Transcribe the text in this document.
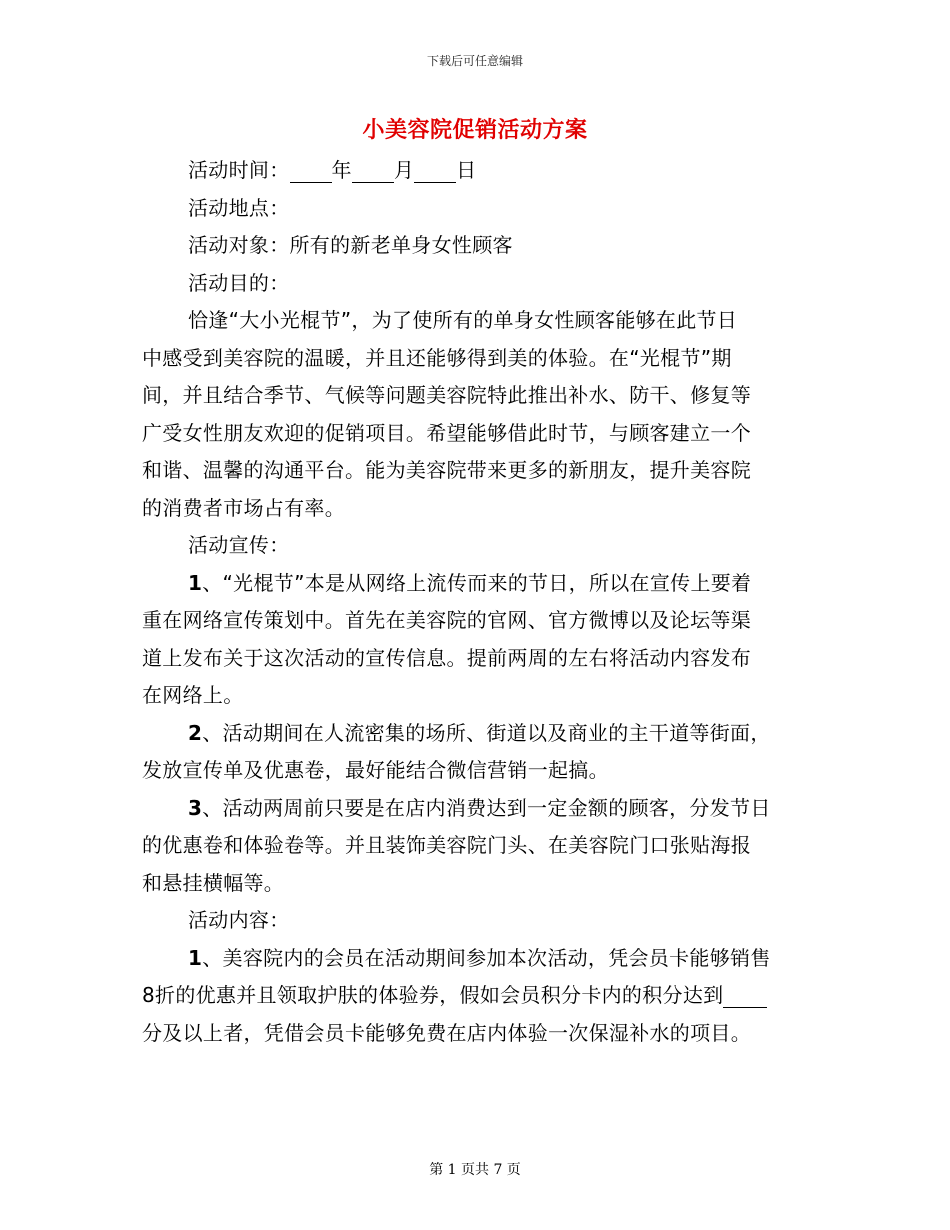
下载后可任意编辑
小美容院促销活动方案
活动时间： 年 月 日
活动地点：
活动对象：所有的新老单身女性顾客
活动目的：
恰逢“大小光棍节”，为了使所有的单身女性顾客能够在此节日
中感受到美容院的温暖，并且还能够得到美的体验。在“光棍节”期
间，并且结合季节、气候等问题美容院特此推出补水、防干、修复等
广受女性朋友欢迎的促销项目。希望能够借此时节，与顾客建立一个
和谐、温馨的沟通平台。能为美容院带来更多的新朋友，提升美容院
的消费者市场占有率。
活动宣传：
1、“光棍节”本是从网络上流传而来的节日，所以在宣传上要着
重在网络宣传策划中。首先在美容院的官网、官方微博以及论坛等渠
道上发布关于这次活动的宣传信息。提前两周的左右将活动内容发布
在网络上。
2、活动期间在人流密集的场所、街道以及商业的主干道等街面，
发放宣传单及优惠卷，最好能结合微信营销一起搞。
3、活动两周前只要是在店内消费达到一定金额的顾客，分发节日
的优惠卷和体验卷等。并且装饰美容院门头、在美容院门口张贴海报
和悬挂横幅等。
活动内容：
1、美容院内的会员在活动期间参加本次活动，凭会员卡能够销售
8折的优惠并且领取护肤的体验券，假如会员积分卡内的积分达到
分及以上者，凭借会员卡能够免费在店内体验一次保湿补水的项目。
第 1 页共 7 页
